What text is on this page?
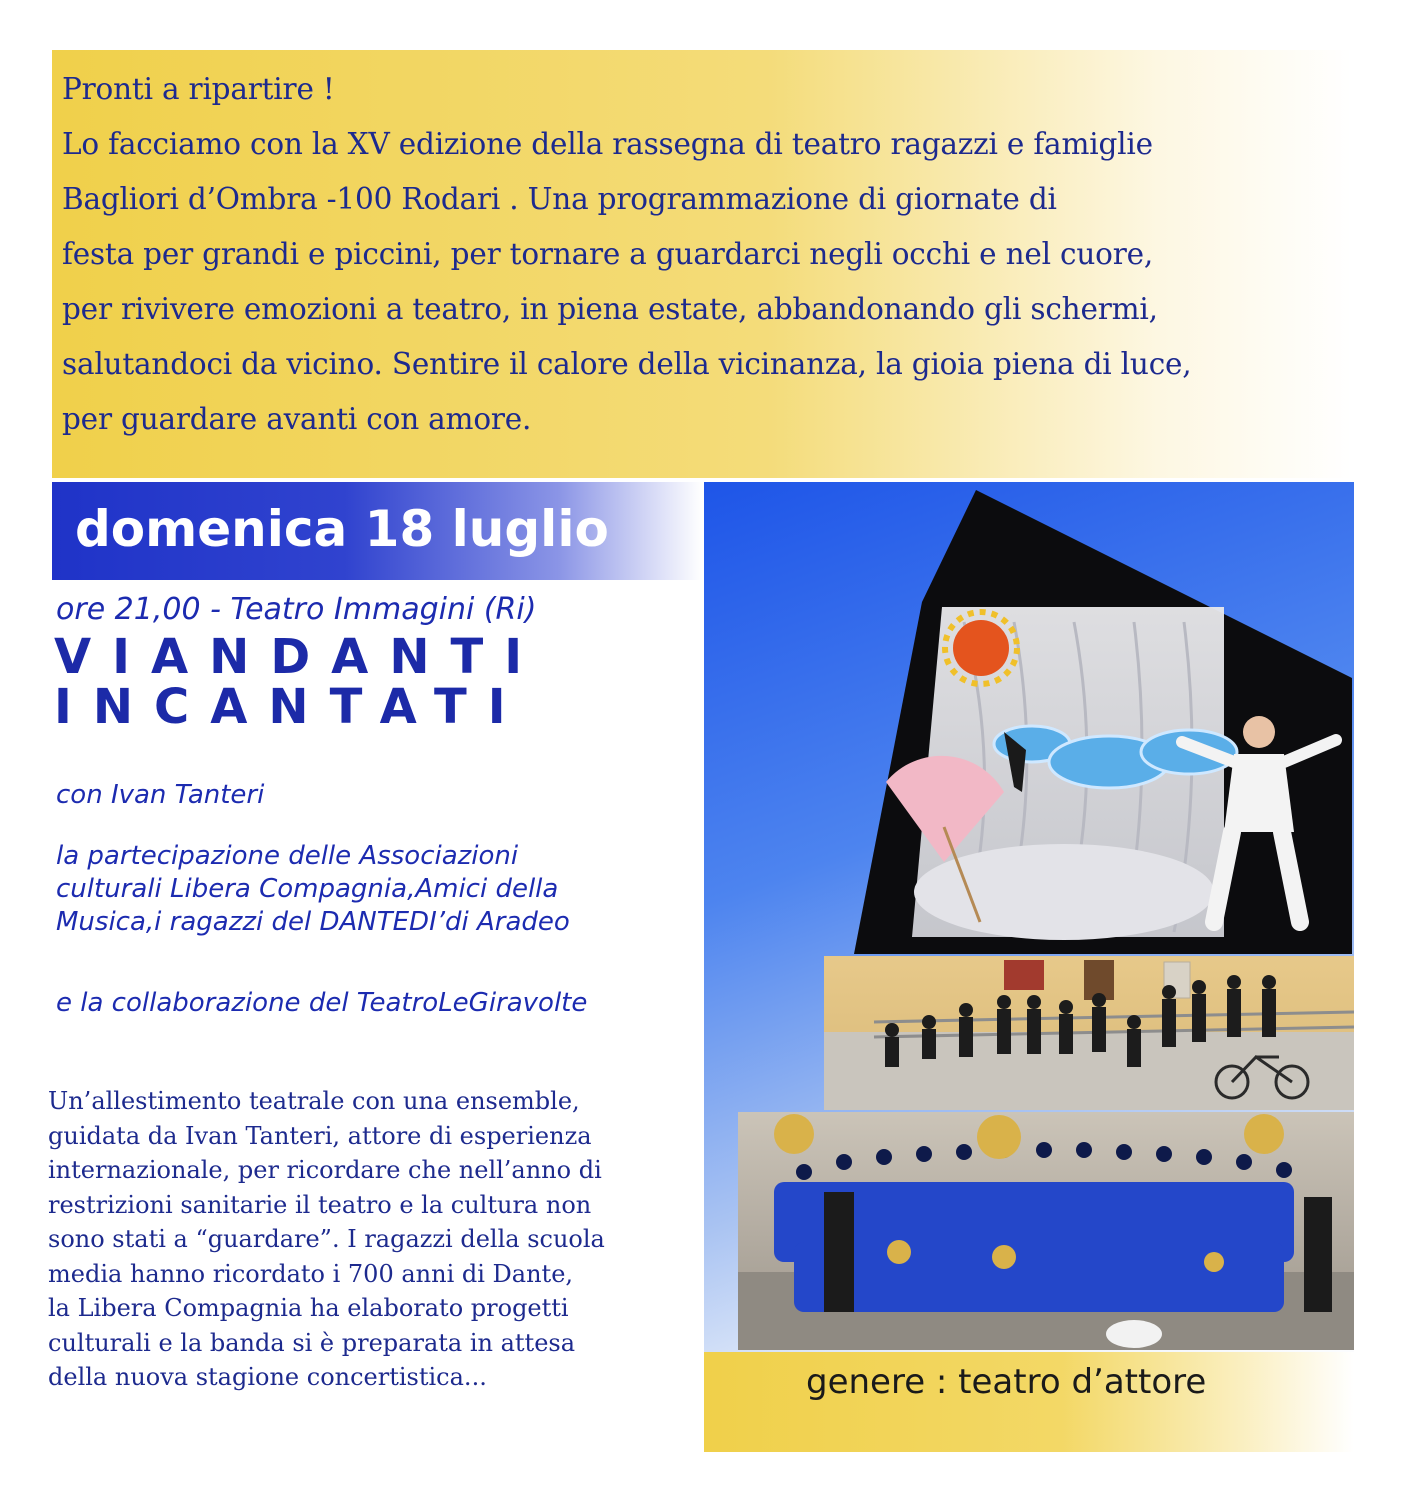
Pronti a ripartire !
Lo facciamo con la XV edizione della rassegna di teatro ragazzi e famiglie
Bagliori d’Ombra -100 Rodari . Una programmazione di giornate di
festa per grandi e piccini, per tornare a guardarci negli occhi e nel cuore,
per rivivere emozioni a teatro, in piena estate, abbandonando gli schermi,
salutandoci da vicino. Sentire il calore della vicinanza, la gioia piena di luce,
per guardare avanti con amore.
domenica 18 luglio
ore 21,00 - Teatro Immagini (Ri)
VIANDANTI
INCANTATI
con Ivan Tanteri
la partecipazione delle Associazioni
culturali Libera Compagnia,Amici della
Musica,i ragazzi del DANTEDI’di Aradeo
e la collaborazione del TeatroLeGiravolte
Un’allestimento teatrale con una ensemble,
guidata da Ivan Tanteri, attore di esperienza
internazionale, per ricordare che nell’anno di
restrizioni sanitarie il teatro e la cultura non
sono stati a “guardare”. I ragazzi della scuola
media hanno ricordato i 700 anni di Dante,
la Libera Compagnia ha elaborato progetti
culturali e la banda si è preparata in attesa
della nuova stagione concertistica...	genere : teatro d’attore
